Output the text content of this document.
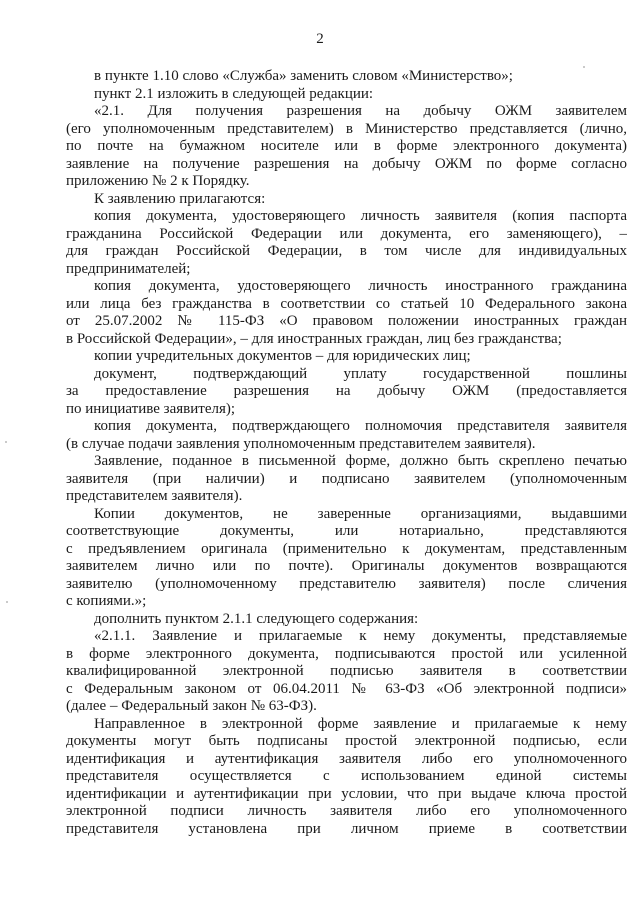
2
в пункте 1.10 слово «Служба» заменить словом «Министерство»;
пункт 2.1 изложить в следующей редакции:
«2.1. Для получения разрешения на добычу ОЖМ заявителем
(его уполномоченным представителем) в Министерство представляется (лично,
по почте на бумажном носителе или в форме электронного документа)
заявление на получение разрешения на добычу ОЖМ по форме согласно
приложению № 2 к Порядку.
К заявлению прилагаются:
копия документа, удостоверяющего личность заявителя (копия паспорта
гражданина Российской Федерации или документа, его заменяющего), –
для граждан Российской Федерации, в том числе для индивидуальных
предпринимателей;
копия документа, удостоверяющего личность иностранного гражданина
или лица без гражданства в соответствии со статьей 10 Федерального закона
от 25.07.2002 № 115-ФЗ «О правовом положении иностранных граждан
в Российской Федерации», – для иностранных граждан, лиц без гражданства;
копии учредительных документов – для юридических лиц;
документ, подтверждающий уплату государственной пошлины
за предоставление разрешения на добычу ОЖМ (предоставляется
по инициативе заявителя);
копия документа, подтверждающего полномочия представителя заявителя
(в случае подачи заявления уполномоченным представителем заявителя).
Заявление, поданное в письменной форме, должно быть скреплено печатью
заявителя (при наличии) и подписано заявителем (уполномоченным
представителем заявителя).
Копии документов, не заверенные организациями, выдавшими
соответствующие документы, или нотариально, представляются
с предъявлением оригинала (применительно к документам, представленным
заявителем лично или по почте). Оригиналы документов возвращаются
заявителю (уполномоченному представителю заявителя) после сличения
с копиями.»;
дополнить пунктом 2.1.1 следующего содержания:
«2.1.1. Заявление и прилагаемые к нему документы, представляемые
в форме электронного документа, подписываются простой или усиленной
квалифицированной электронной подписью заявителя в соответствии
с Федеральным законом от 06.04.2011 № 63-ФЗ «Об электронной подписи»
(далее – Федеральный закон № 63-ФЗ).
Направленное в электронной форме заявление и прилагаемые к нему
документы могут быть подписаны простой электронной подписью, если
идентификация и аутентификация заявителя либо его уполномоченного
представителя осуществляется с использованием единой системы
идентификации и аутентификации при условии, что при выдаче ключа простой
электронной подписи личность заявителя либо его уполномоченного
представителя установлена при личном приеме в соответствии
